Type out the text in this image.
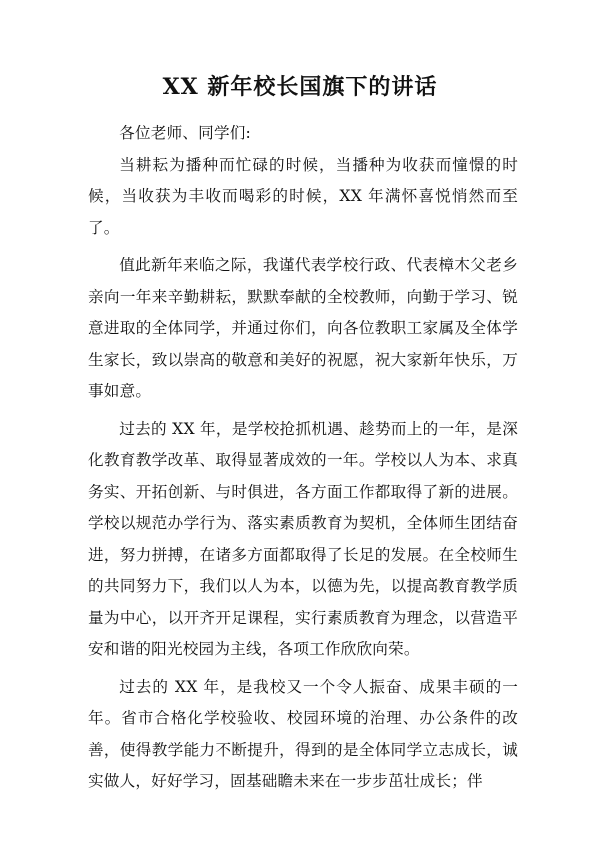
XX 新年校长国旗下的讲话

各位老师、同学们:

当耕耘为播种而忙碌的时候，当播种为收获而憧憬的时候，当收获为丰收而喝彩的时候，XX 年满怀喜悦悄然而至了。

值此新年来临之际，我谨代表学校行政、代表樟木父老乡亲向一年来辛勤耕耘，默默奉献的全校教师，向勤于学习、锐意进取的全体同学，并通过你们，向各位教职工家属及全体学生家长，致以崇高的敬意和美好的祝愿，祝大家新年快乐，万事如意。

过去的 XX 年，是学校抢抓机遇、趁势而上的一年，是深化教育教学改革、取得显著成效的一年。学校以人为本、求真务实、开拓创新、与时俱进，各方面工作都取得了新的进展。学校以规范办学行为、落实素质教育为契机，全体师生团结奋进，努力拼搏，在诸多方面都取得了长足的发展。在全校师生的共同努力下，我们以人为本，以德为先，以提高教育教学质量为中心，以开齐开足课程，实行素质教育为理念，以营造平安和谐的阳光校园为主线，各项工作欣欣向荣。

过去的 XX 年，是我校又一个令人振奋、成果丰硕的一年。省市合格化学校验收、校园环境的治理、办公条件的改善，使得教学能力不断提升，得到的是全体同学立志成长，诚实做人，好好学习，固基础瞻未来在一步步茁壮成长；伴
